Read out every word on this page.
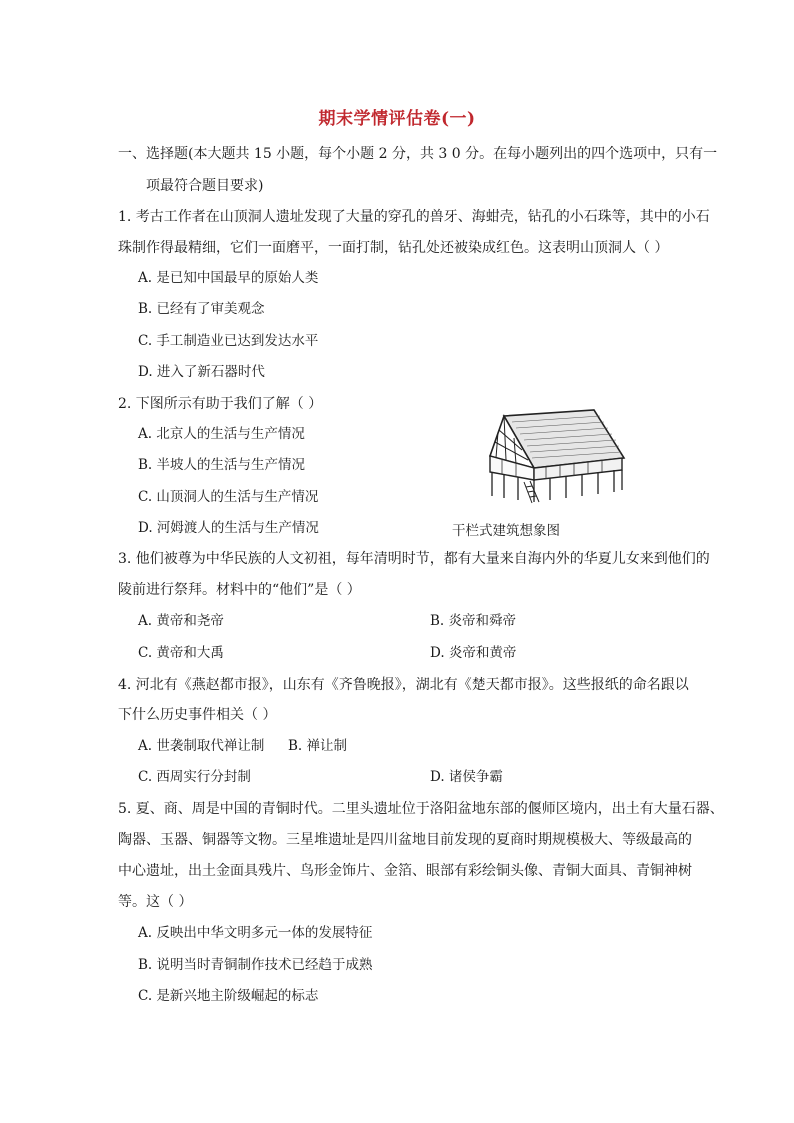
期末学情评估卷(一)
一、选择题(本大题共 15 小题，每个小题 2 分，共 3 0 分。在每小题列出的四个选项中，只有一
项最符合题目要求)
1. 考古工作者在山顶洞人遗址发现了大量的穿孔的兽牙、海蚶壳，钻孔的小石珠等，其中的小石
珠制作得最精细，它们一面磨平，一面打制，钻孔处还被染成红色。这表明山顶洞人（ ）
A. 是已知中国最早的原始人类
B. 已经有了审美观念
C. 手工制造业已达到发达水平
D. 进入了新石器时代
2. 下图所示有助于我们了解（ ）
A. 北京人的生活与生产情况
B. 半坡人的生活与生产情况
C. 山顶洞人的生活与生产情况
D. 河姆渡人的生活与生产情况	干栏式建筑想象图
3. 他们被尊为中华民族的人文初祖，每年清明时节，都有大量来自海内外的华夏儿女来到他们的
陵前进行祭拜。材料中的“他们”是（ ）
A. 黄帝和尧帝	B. 炎帝和舜帝
C. 黄帝和大禹	D. 炎帝和黄帝
4. 河北有《燕赵都市报》，山东有《齐鲁晚报》，湖北有《楚天都市报》。这些报纸的命名跟以
下什么历史事件相关（ ）
A. 世袭制取代禅让制 B. 禅让制
C. 西周实行分封制	D. 诸侯争霸
5. 夏、商、周是中国的青铜时代。二里头遗址位于洛阳盆地东部的偃师区境内，出土有大量石器、
陶器、玉器、铜器等文物。三星堆遗址是四川盆地目前发现的夏商时期规模极大、等级最高的
中心遗址，出土金面具残片、鸟形金饰片、金箔、眼部有彩绘铜头像、青铜大面具、青铜神树
等。这（ ）
A. 反映出中华文明多元一体的发展特征
B. 说明当时青铜制作技术已经趋于成熟
C. 是新兴地主阶级崛起的标志
